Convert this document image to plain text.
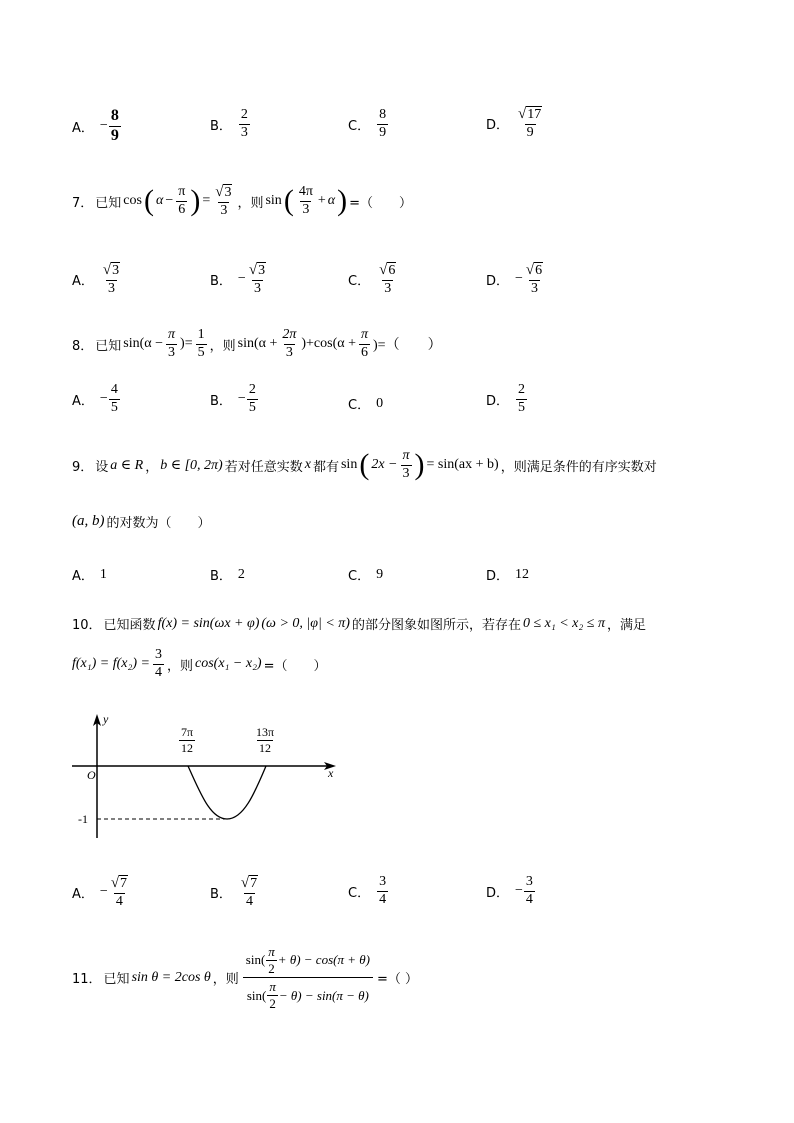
A． − $\frac{8}{9}$	B． $\frac{2}{3}$	C． $\frac{8}{9}$	D． $\frac{√ 17}{9}$
7． 已知 cos ( $\alpha - \frac{\pi}{6}$ ) = $\frac{√ 3}{3}$ ，则 sin ( $\frac{4\pi}{3} + \alpha$ ) =（　　）
A． $\frac{√ 3}{3}$	B． − $\frac{√ 3}{3}$	C． $\frac{√ 6}{3}$	D． − $\frac{√ 6}{3}$
8． 已知 $\sin(\alpha - \frac{\pi}{3}$ )= $\frac{1}{5}$ ，则 $\sin(\alpha + \frac{2\pi}{3} )+\cos(\alpha + \frac{\pi}{6}$ )=（　　）
A． − $\frac{4}{5}$	B． − $\frac{2}{5}$	C． 0	D． $\frac{2}{5}$
9． 设 a ∈ R ， b ∈ [0, 2π) 若对任意实数 x 都有 sin ( $2x - \frac{\pi}{3}$ ) = sin(ax + b) ，则满足条件的有序实数对
(a, b) 的对数为（　　）
A． 1	B． 2	C． 9	D． 12
10． 已知函数 f(x) = sin(ωx + φ) (ω > 0, |φ| < π) 的部分图象如图所示，若存在 0 ≤ x₁ < x₂ ≤ π ，满足
$f(x_1) = f(x_2) = \frac{3}{4}$ ，则 cos(x₁ − x₂) =（　　）
y
x
O
-1
$\frac{7\pi}{12}$	$\frac{13\pi}{12}$
A． − $\frac{√ 7}{4}$	B． $\frac{√ 7}{4}$	C． $\frac{3}{4}$	D． − $\frac{3}{4}$
11． 已知 sin θ = 2cos θ ，则
$\sin( \frac{\pi}{2} + \theta) - \cos(\pi + \theta)$
$\sin( \frac{\pi}{2} - \theta) - \sin(\pi - \theta)$
=（ ）
